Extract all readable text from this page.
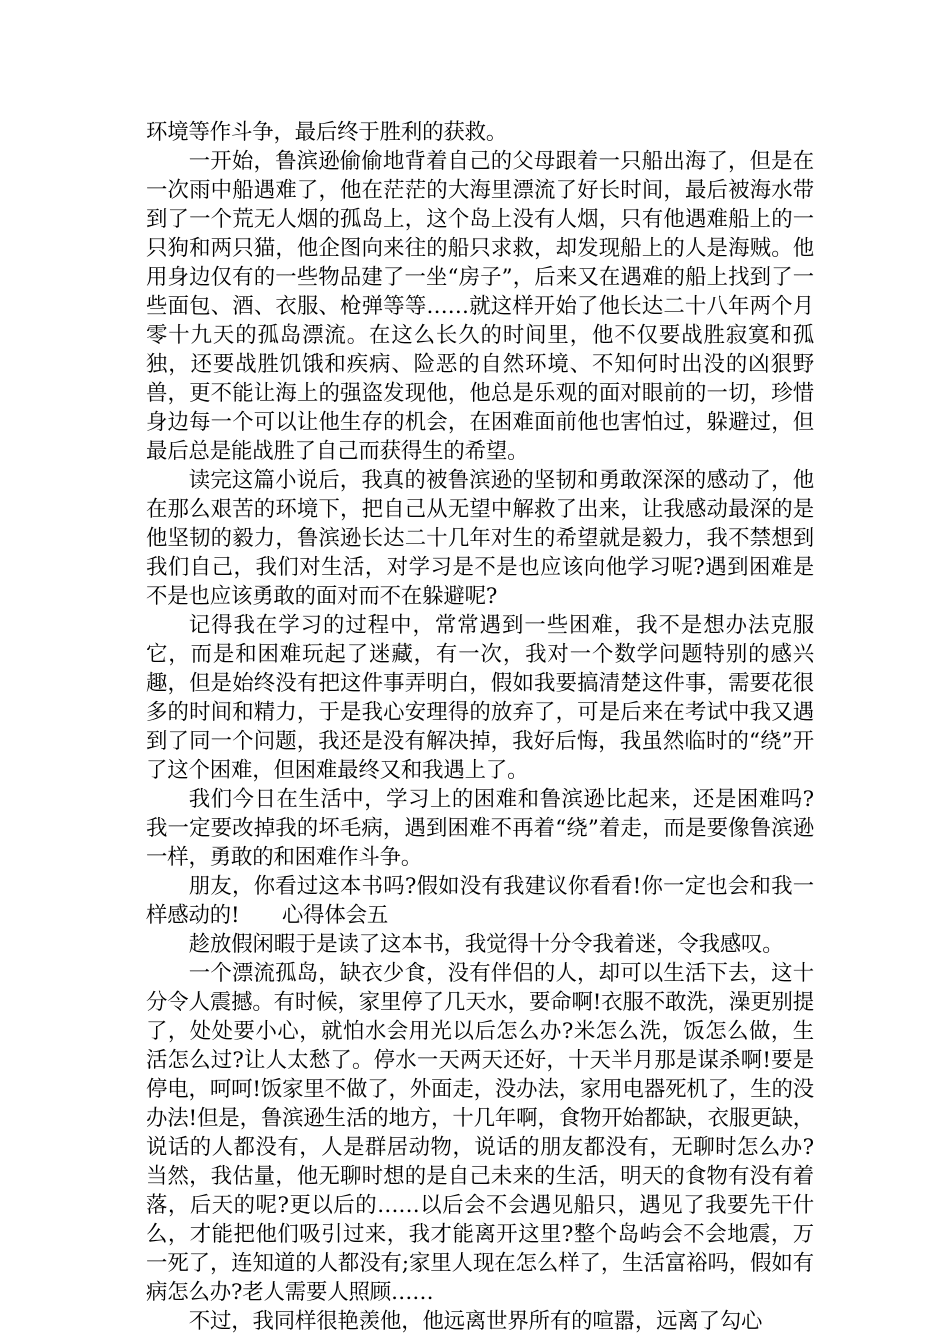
环境等作斗争，最后终于胜利的获救。

一开始，鲁滨逊偷偷地背着自己的父母跟着一只船出海了，但是在一次雨中船遇难了，他在茫茫的大海里漂流了好长时间，最后被海水带到了一个荒无人烟的孤岛上，这个岛上没有人烟，只有他遇难船上的一只狗和两只猫，他企图向来往的船只求救，却发现船上的人是海贼。他用身边仅有的一些物品建了一坐“房子”，后来又在遇难的船上找到了一些面包、酒、衣服、枪弹等等……就这样开始了他长达二十八年两个月零十九天的孤岛漂流。在这么长久的时间里，他不仅要战胜寂寞和孤独，还要战胜饥饿和疾病、险恶的自然环境、不知何时出没的凶狠野兽，更不能让海上的强盗发现他，他总是乐观的面对眼前的一切，珍惜身边每一个可以让他生存的机会，在困难面前他也害怕过，躲避过，但最后总是能战胜了自己而获得生的希望。

读完这篇小说后，我真的被鲁滨逊的坚韧和勇敢深深的感动了，他在那么艰苦的环境下，把自己从无望中解救了出来，让我感动最深的是他坚韧的毅力，鲁滨逊长达二十几年对生的希望就是毅力，我不禁想到我们自己，我们对生活，对学习是不是也应该向他学习呢?遇到困难是不是也应该勇敢的面对而不在躲避呢?

记得我在学习的过程中，常常遇到一些困难，我不是想办法克服它，而是和困难玩起了迷藏，有一次，我对一个数学问题特别的感兴趣，但是始终没有把这件事弄明白，假如我要搞清楚这件事，需要花很多的时间和精力，于是我心安理得的放弃了，可是后来在考试中我又遇到了同一个问题，我还是没有解决掉，我好后悔，我虽然临时的“绕”开了这个困难，但困难最终又和我遇上了。

我们今日在生活中，学习上的困难和鲁滨逊比起来，还是困难吗?我一定要改掉我的坏毛病，遇到困难不再着“绕”着走，而是要像鲁滨逊一样，勇敢的和困难作斗争。

朋友，你看过这本书吗?假如没有我建议你看看!你一定也会和我一样感动的!　　心得体会五

趁放假闲暇于是读了这本书，我觉得十分令我着迷，令我感叹。

一个漂流孤岛，缺衣少食，没有伴侣的人，却可以生活下去，这十分令人震撼。有时候，家里停了几天水，要命啊!衣服不敢洗，澡更别提了，处处要小心，就怕水会用光以后怎么办?米怎么洗，饭怎么做，生活怎么过?让人太愁了。停水一天两天还好，十天半月那是谋杀啊!要是停电，呵呵!饭家里不做了，外面走，没办法，家用电器死机了，生的没办法!但是，鲁滨逊生活的地方，十几年啊，食物开始都缺，衣服更缺，说话的人都没有，人是群居动物，说话的朋友都没有，无聊时怎么办?当然，我估量，他无聊时想的是自己未来的生活，明天的食物有没有着落，后天的呢?更以后的……以后会不会遇见船只，遇见了我要先干什么，才能把他们吸引过来，我才能离开这里?整个岛屿会不会地震，万一死了，连知道的人都没有;家里人现在怎么样了，生活富裕吗，假如有病怎么办?老人需要人照顾……

不过，我同样很艳羡他，他远离世界所有的喧嚣，远离了勾心
